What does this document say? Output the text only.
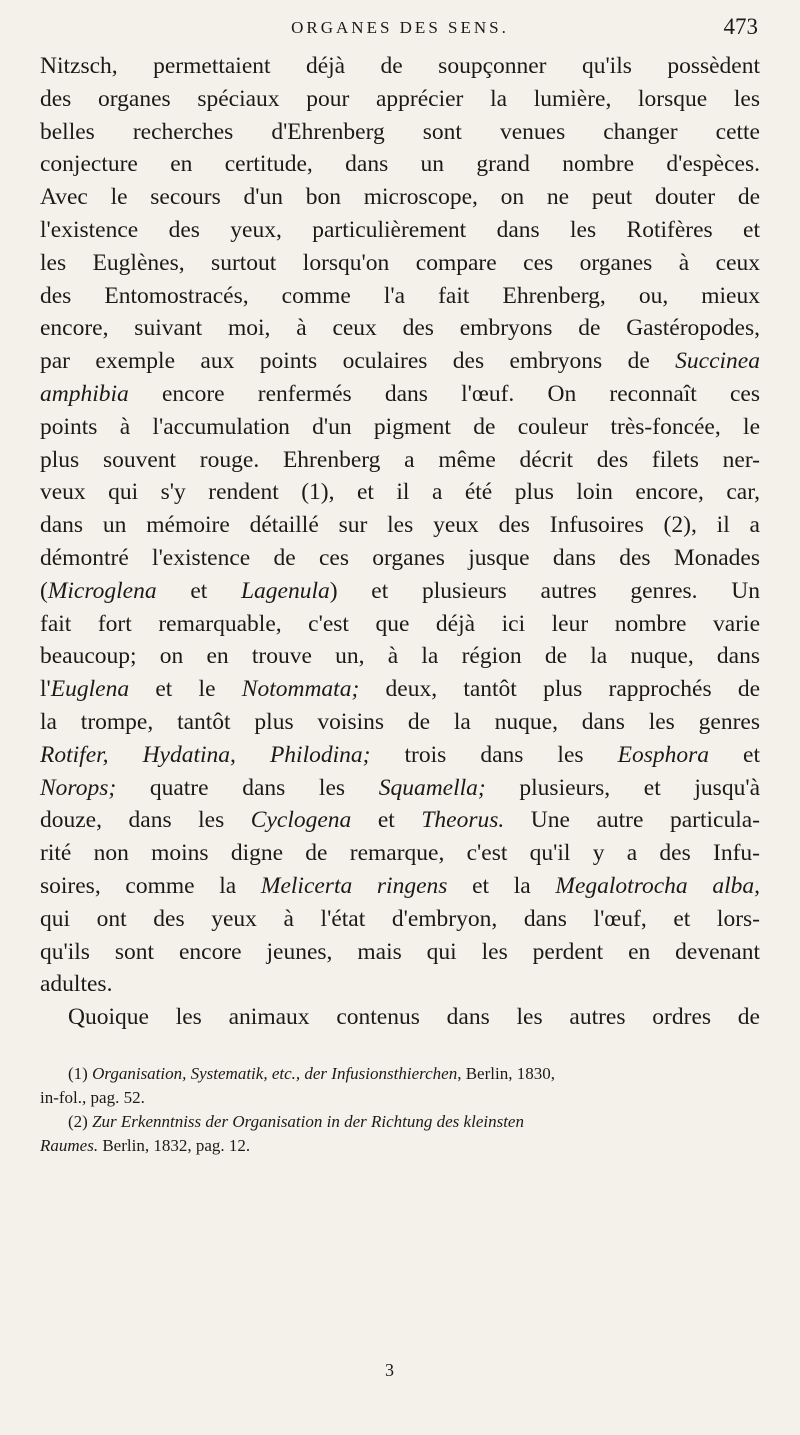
ORGANES DES SENS.	473
Nitzsch, permettaient déjà de soupçonner qu'ils possèdent
des organes spéciaux pour apprécier la lumière, lorsque les
belles recherches d'Ehrenberg sont venues changer cette
conjecture en certitude, dans un grand nombre d'espèces.
Avec le secours d'un bon microscope, on ne peut douter de
l'existence des yeux, particulièrement dans les Rotifères et
les Euglènes, surtout lorsqu'on compare ces organes à ceux
des Entomostracés, comme l'a fait Ehrenberg, ou, mieux
encore, suivant moi, à ceux des embryons de Gastéropodes,
par exemple aux points oculaires des embryons de Succinea
amphibia encore renfermés dans l'œuf. On reconnaît ces
points à l'accumulation d'un pigment de couleur très-foncée, le
plus souvent rouge. Ehrenberg a même décrit des filets ner-
veux qui s'y rendent (1), et il a été plus loin encore, car,
dans un mémoire détaillé sur les yeux des Infusoires (2), il a
démontré l'existence de ces organes jusque dans des Monades
(Microglena et Lagenula) et plusieurs autres genres. Un
fait fort remarquable, c'est que déjà ici leur nombre varie
beaucoup; on en trouve un, à la région de la nuque, dans
l'Euglena et le Notommata; deux, tantôt plus rapprochés de
la trompe, tantôt plus voisins de la nuque, dans les genres
Rotifer, Hydatina, Philodina; trois dans les Eosphora et
Norops; quatre dans les Squamella; plusieurs, et jusqu'à
douze, dans les Cyclogena et Theorus. Une autre particula-
rité non moins digne de remarque, c'est qu'il y a des Infu-
soires, comme la Melicerta ringens et la Megalotrocha alba,
qui ont des yeux à l'état d'embryon, dans l'œuf, et lors-
qu'ils sont encore jeunes, mais qui les perdent en devenant
adultes.
Quoique les animaux contenus dans les autres ordres de
(1) Organisation, Systematik, etc., der Infusionsthierchen, Berlin, 1830,
in-fol., pag. 52.
(2) Zur Erkenntniss der Organisation in der Richtung des kleinsten
Raumes. Berlin, 1832, pag. 12.
3
